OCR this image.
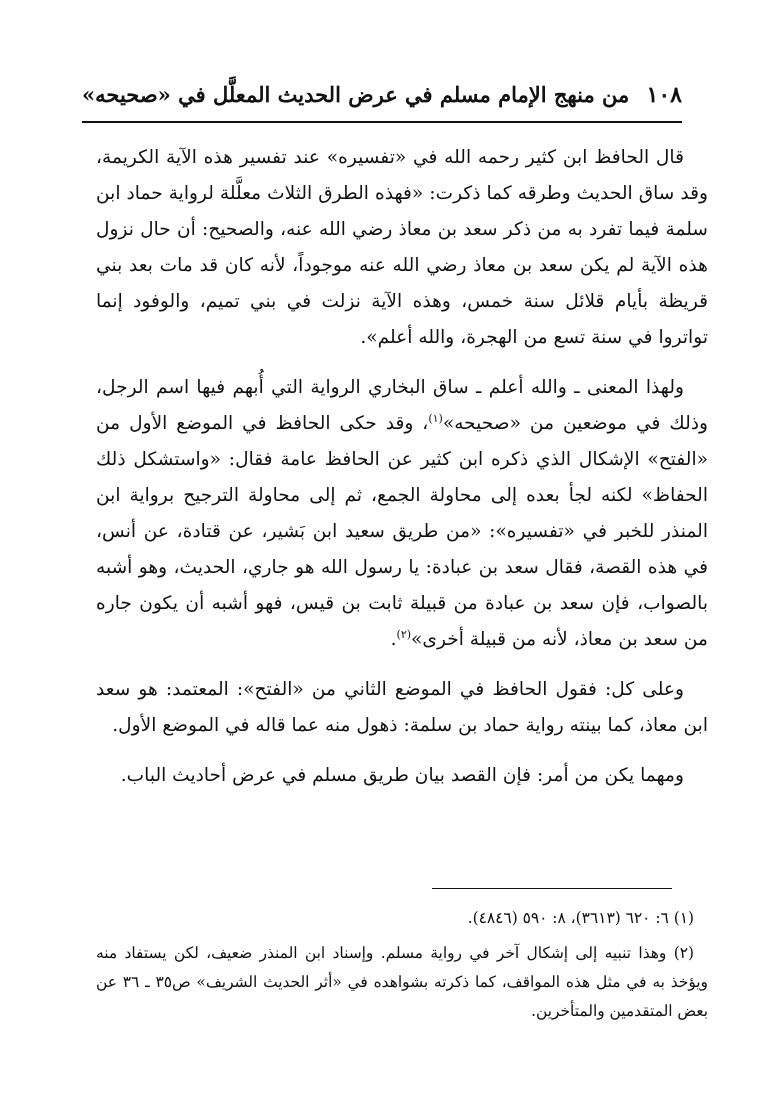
١٠٨
من منهج الإمام مسلم في عرض الحديث المعلَّل في «صحيحه»

قال الحافظ ابن كثير رحمه الله في «تفسيره» عند تفسير هذه الآية الكريمة، وقد ساق الحديث وطرقه كما ذكرت: «فهذه الطرق الثلاث معلَّلة لرواية حماد ابن سلمة فيما تفرد به من ذكر سعد بن معاذ رضي الله عنه، والصحيح: أن حال نزول هذه الآية لم يكن سعد بن معاذ رضي الله عنه موجوداً، لأنه كان قد مات بعد بني قريظة بأيام قلائل سنة خمس، وهذه الآية نزلت في بني تميم، والوفود إنما تواتروا في سنة تسع من الهجرة، والله أعلم».

ولهذا المعنى ـ والله أعلم ـ ساق البخاري الرواية التي أُبهم فيها اسم الرجل، وذلك في موضعين من «صحيحه»$^{(١)}$، وقد حكى الحافظ في الموضع الأول من «الفتح» الإشكال الذي ذكره ابن كثير عن الحافظ عامة فقال: «واستشكل ذلك الحفاظ» لكنه لجأ بعده إلى محاولة الجمع، ثم إلى محاولة الترجيح برواية ابن المنذر للخبر في «تفسيره»: «من طريق سعيد ابن بَشير، عن قتادة، عن أنس، في هذه القصة، فقال سعد بن عبادة: يا رسول الله هو جاري، الحديث، وهو أشبه بالصواب، فإن سعد بن عبادة من قبيلة ثابت بن قيس، فهو أشبه أن يكون جاره من سعد بن معاذ، لأنه من قبيلة أخرى»$^{(٢)}$.

وعلى كل: فقول الحافظ في الموضع الثاني من «الفتح»: المعتمد: هو سعد ابن معاذ، كما بينته رواية حماد بن سلمة: ذهول منه عما قاله في الموضع الأول.

ومهما يكن من أمر: فإن القصد بيان طريق مسلم في عرض أحاديث الباب.

(١) ٦: ٦٢٠ (٣٦١٣)، ٨: ٥٩٠ (٤٨٤٦).

(٢) وهذا تنبيه إلى إشكال آخر في رواية مسلم. وإسناد ابن المنذر ضعيف، لكن يستفاد منه ويؤخذ به في مثل هذه المواقف، كما ذكرته بشواهده في «أثر الحديث الشريف» ص٣٥ ـ ٣٦ عن بعض المتقدمين والمتأخرين.
